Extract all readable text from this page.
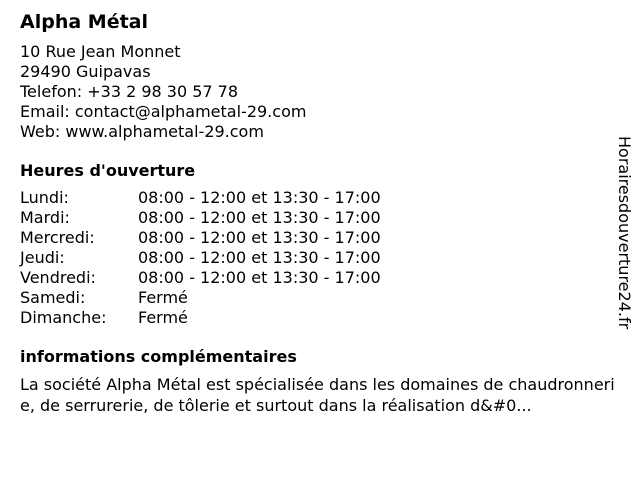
Alpha Métal
10 Rue Jean Monnet
29490 Guipavas
Telefon: +33 2 98 30 57 78
Email: contact@alphametal-29.com
Web: www.alphametal-29.com
Heures d'ouverture
Lundi:	08:00 - 12:00 et 13:30 - 17:00
Mardi:	08:00 - 12:00 et 13:30 - 17:00
Mercredi:	08:00 - 12:00 et 13:30 - 17:00
Jeudi:	08:00 - 12:00 et 13:30 - 17:00
Vendredi:	08:00 - 12:00 et 13:30 - 17:00
Samedi:	Fermé
Dimanche:	Fermé
informations complémentaires
La société Alpha Métal est spécialisée dans les domaines de chaudronnerie, de serrurerie, de tôlerie et surtout dans la réalisation d&#0...
Horairesdouverture24.fr
